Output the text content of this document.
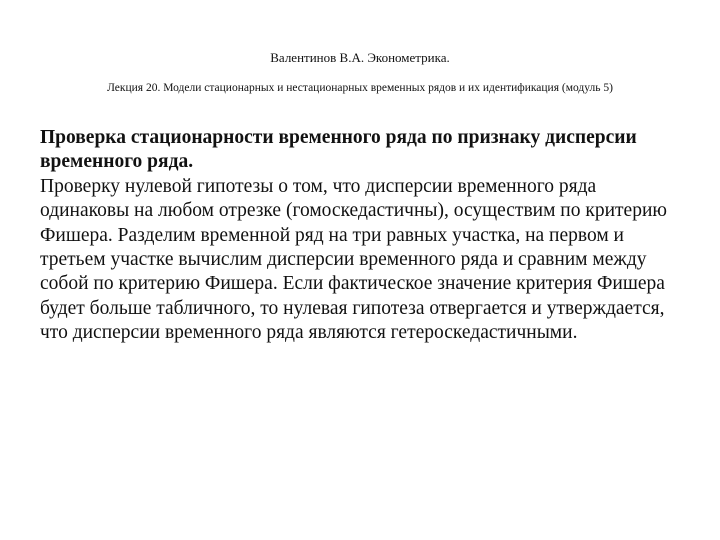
Валентинов В.А. Эконометрика.
Лекция 20. Модели стационарных и нестационарных временных рядов и их идентификация (модуль 5)

Проверка стационарности временного ряда по признаку дисперсии временного ряда.

Проверку нулевой гипотезы о том, что дисперсии временного ряда одинаковы на любом отрезке (гомоскедастичны), осуществим по критерию Фишера. Разделим временной ряд на три равных участка, на первом и третьем участке вычислим дисперсии временного ряда и сравним между собой по критерию Фишера. Если фактическое значение критерия Фишера будет больше табличного, то нулевая гипотеза отвергается и утверждается, что дисперсии временного ряда являются гетероскедастичными.
